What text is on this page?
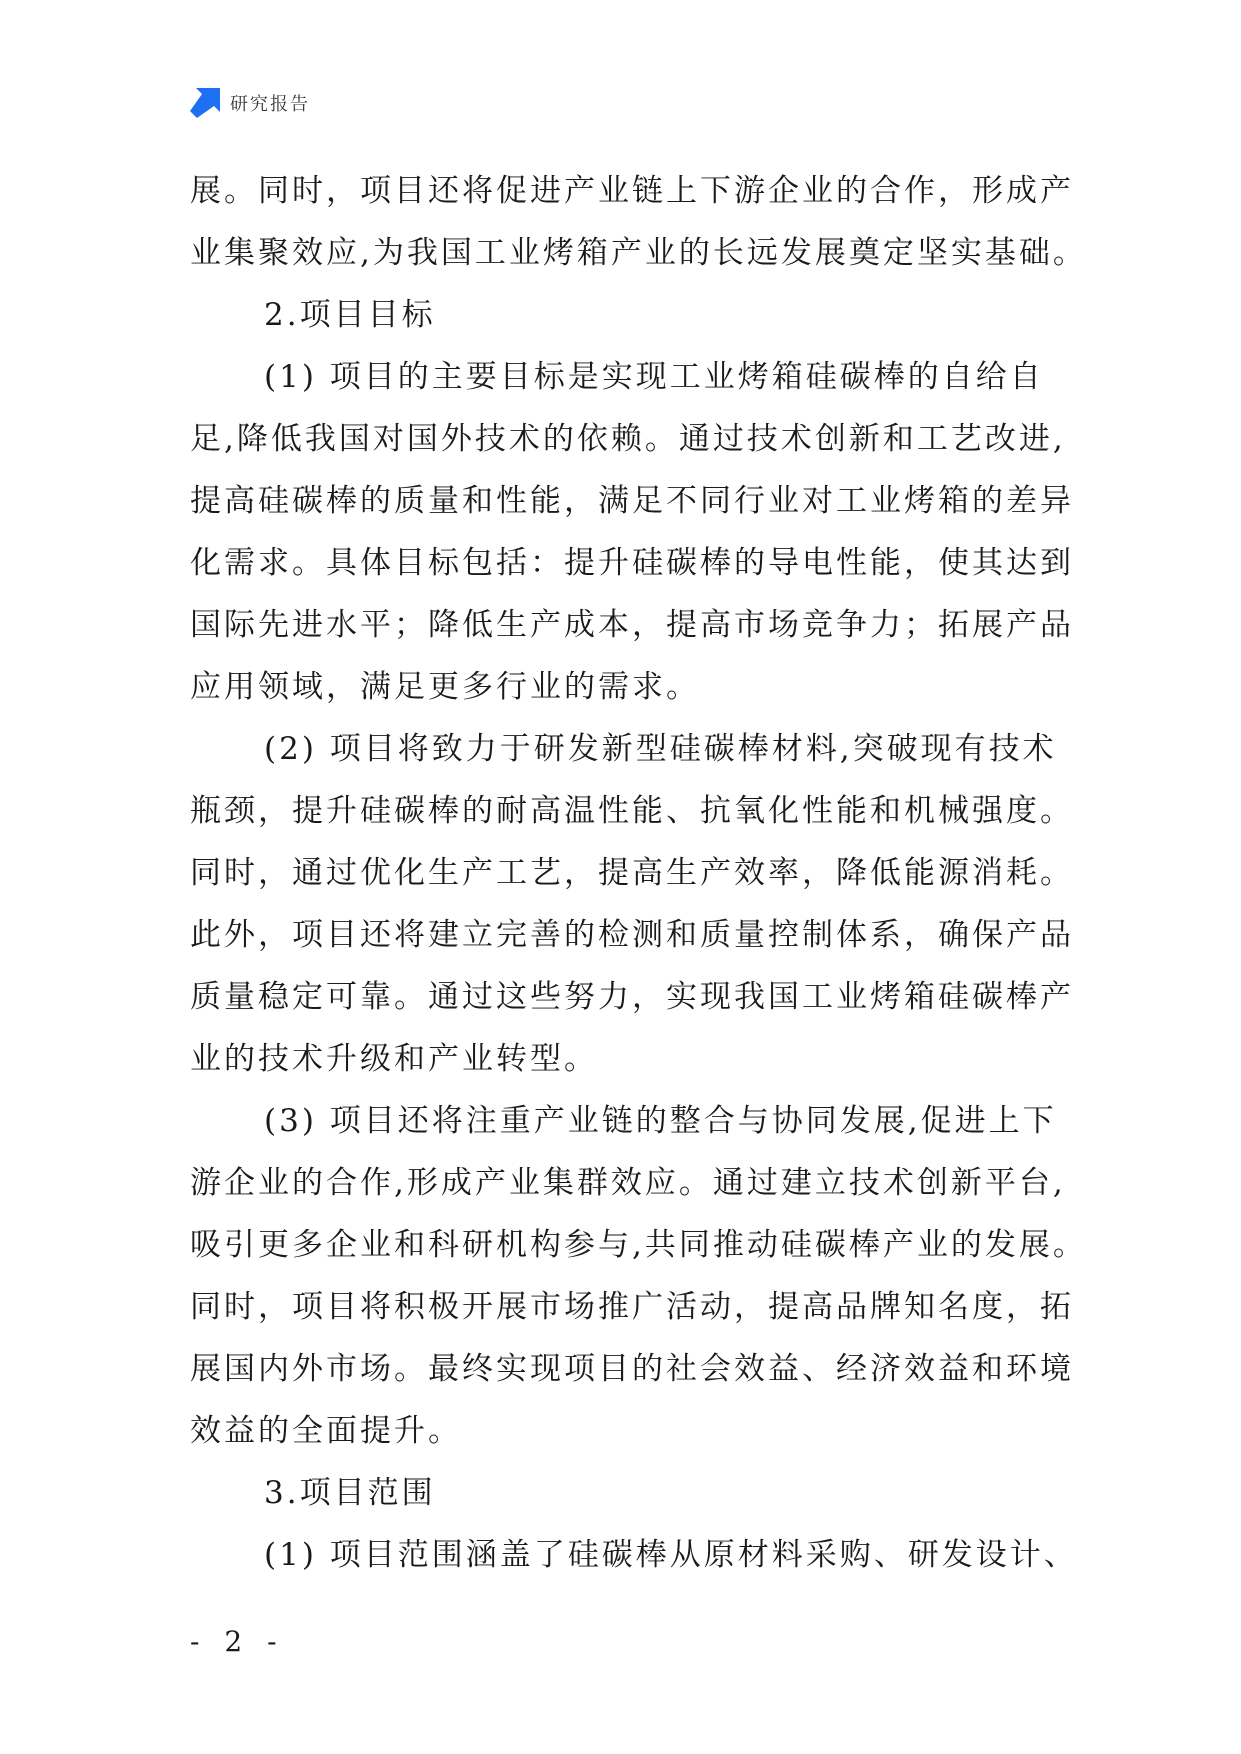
研究报告
展。同时，项目还将促进产业链上下游企业的合作，形成产
业集聚效应,为我国工业烤箱产业的长远发展奠定坚实基础。
2.项目目标
(1) 项目的主要目标是实现工业烤箱硅碳棒的自给自
足,降低我国对国外技术的依赖。通过技术创新和工艺改进,
提高硅碳棒的质量和性能，满足不同行业对工业烤箱的差异
化需求。具体目标包括：提升硅碳棒的导电性能，使其达到
国际先进水平；降低生产成本，提高市场竞争力；拓展产品
应用领域，满足更多行业的需求。
(2) 项目将致力于研发新型硅碳棒材料,突破现有技术
瓶颈，提升硅碳棒的耐高温性能、抗氧化性能和机械强度。
同时，通过优化生产工艺，提高生产效率，降低能源消耗。
此外，项目还将建立完善的检测和质量控制体系，确保产品
质量稳定可靠。通过这些努力，实现我国工业烤箱硅碳棒产
业的技术升级和产业转型。
(3) 项目还将注重产业链的整合与协同发展,促进上下
游企业的合作,形成产业集群效应。通过建立技术创新平台,
吸引更多企业和科研机构参与,共同推动硅碳棒产业的发展。
同时，项目将积极开展市场推广活动，提高品牌知名度，拓
展国内外市场。最终实现项目的社会效益、经济效益和环境
效益的全面提升。
3.项目范围
(1) 项目范围涵盖了硅碳棒从原材料采购、研发设计、
- 2 -
